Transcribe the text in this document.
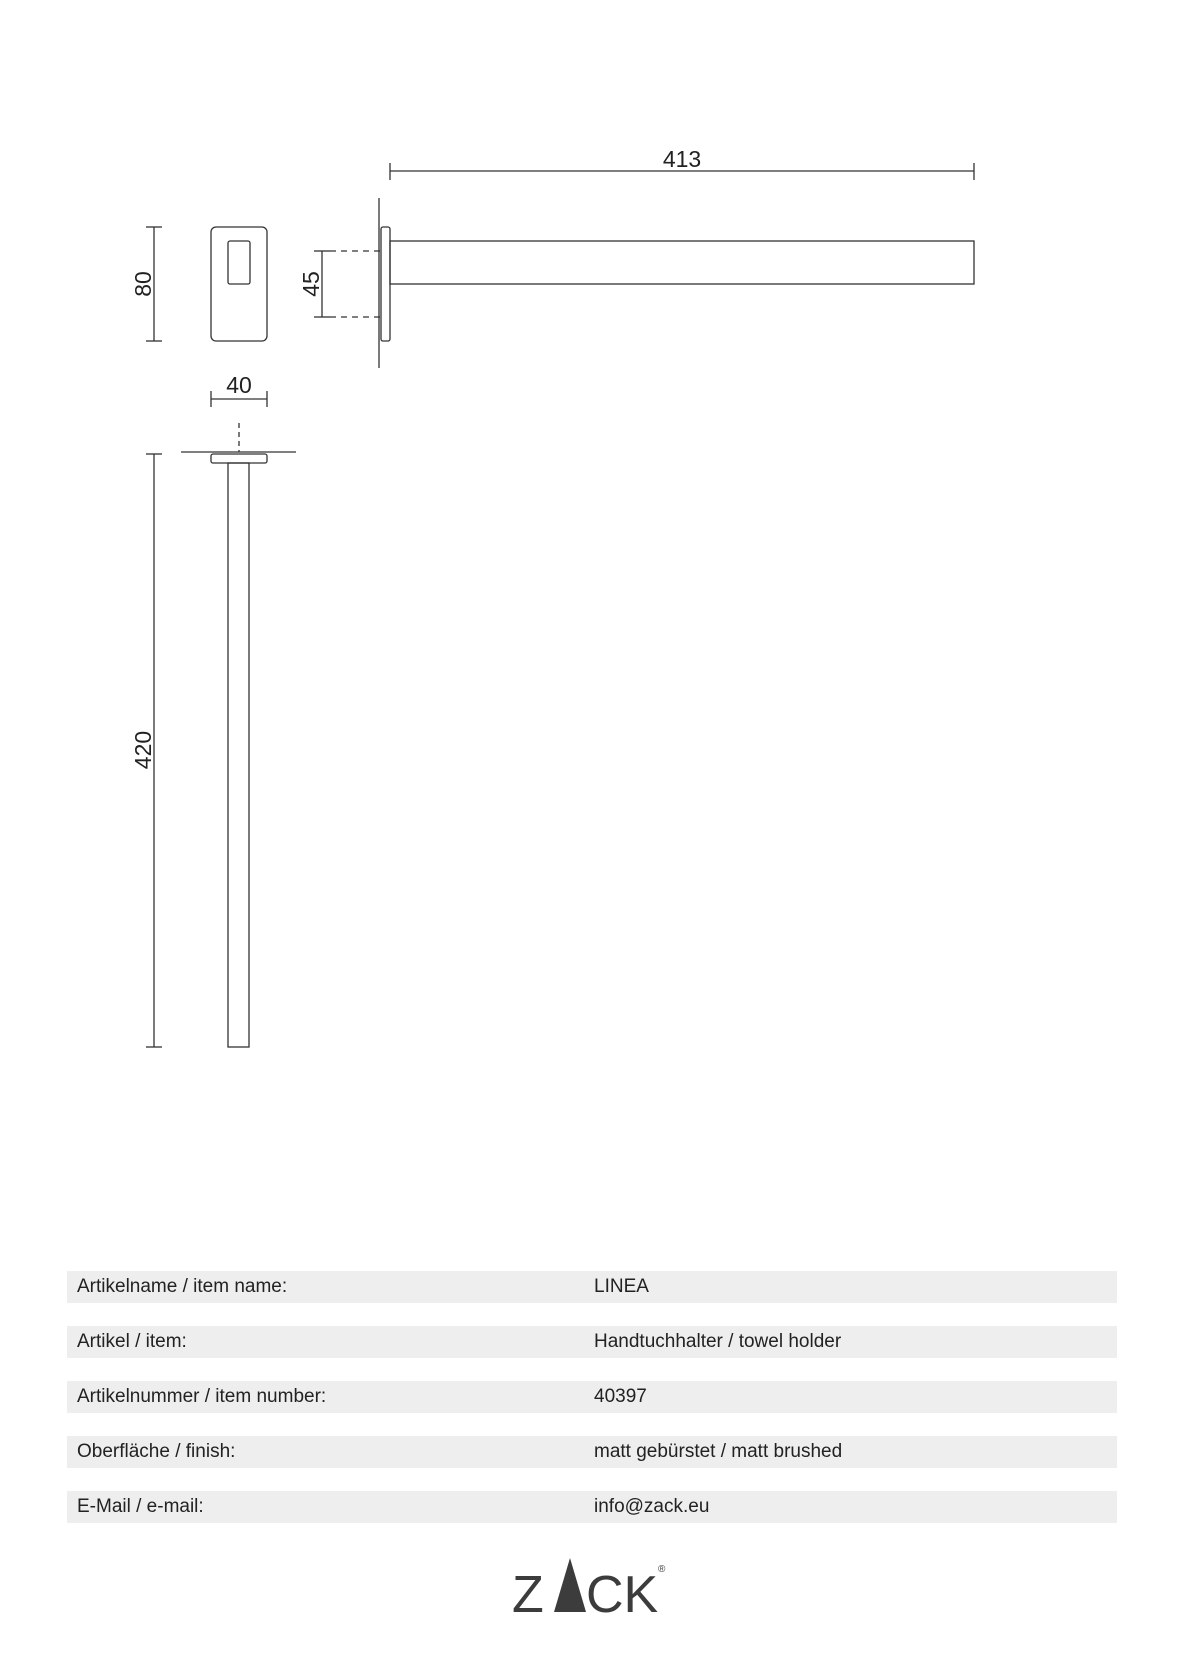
413
80	45
40
420
Artikelname / item name:	LINEA
Artikel / item:	Handtuchhalter / towel holder
Artikelnummer / item number:	40397
Oberfläche / finish:	matt gebürstet / matt brushed
E-Mail / e-mail:	info@zack.eu
Z CK ®
